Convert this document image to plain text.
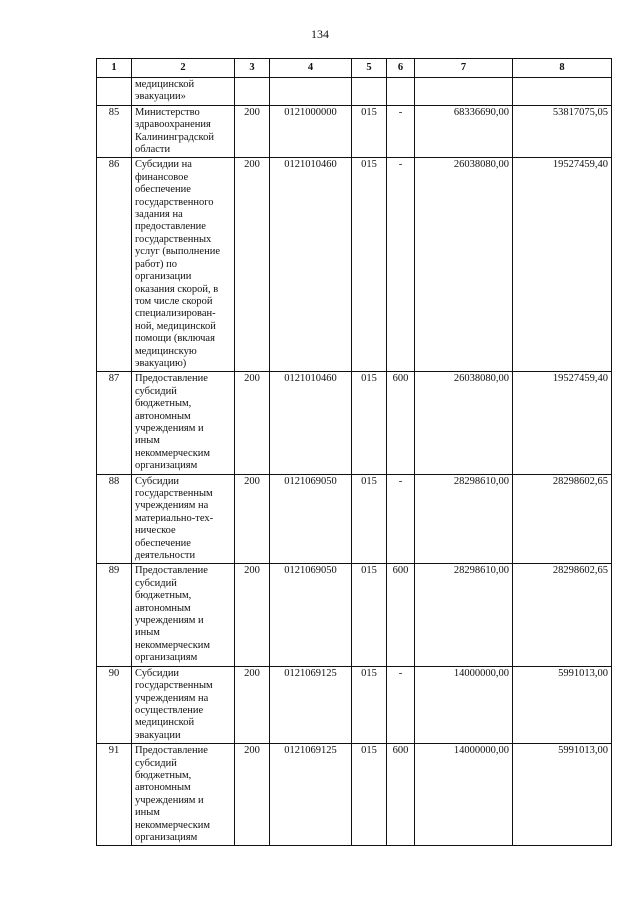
134
1	2	3	4	5	6	7	8
	медицинской эвакуации»						
85	Министерство здравоохранения Калининградской области	200	0121000000	015	-	68336690,00	53817075,05
86	Субсидии на финансовое обеспечение государственного задания на предоставление государственных услуг (выполнение работ) по организации оказания скорой, в том числе скорой специализирован-ной, медицинской помощи (включая медицинскую эвакуацию)	200	0121010460	015	-	26038080,00	19527459,40
87	Предоставление субсидий бюджетным, автономным учреждениям и иным некоммерческим организациям	200	0121010460	015	600	26038080,00	19527459,40
88	Субсидии государственным учреждениям на материально-тех-ническое обеспечение деятельности	200	0121069050	015	-	28298610,00	28298602,65
89	Предоставление субсидий бюджетным, автономным учреждениям и иным некоммерческим организациям	200	0121069050	015	600	28298610,00	28298602,65
90	Субсидии государственным учреждениям на осуществление медицинской эвакуации	200	0121069125	015	-	14000000,00	5991013,00
91	Предоставление субсидий бюджетным, автономным учреждениям и иным некоммерческим организациям	200	0121069125	015	600	14000000,00	5991013,00
